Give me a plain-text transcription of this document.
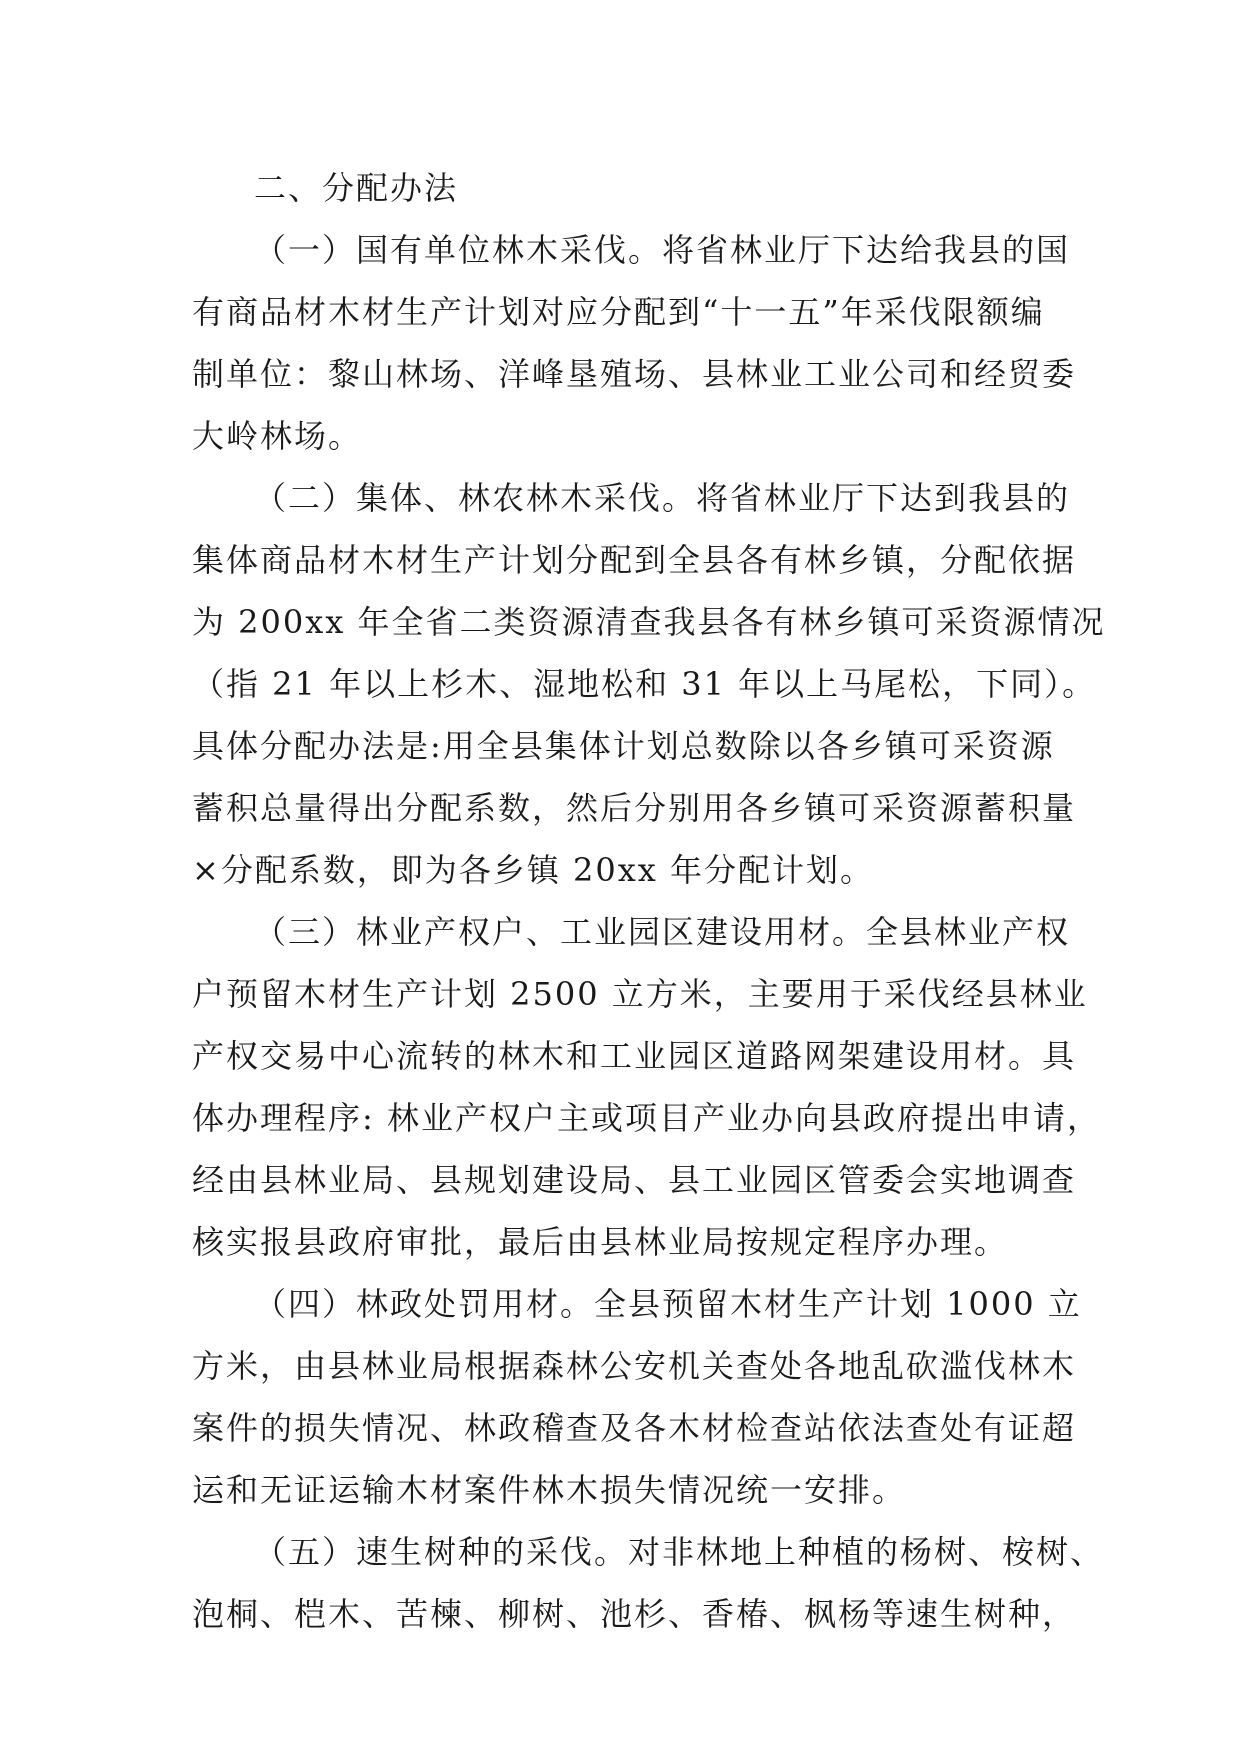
二、分配办法
（一）国有单位林木采伐。将省林业厅下达给我县的国
有商品材木材生产计划对应分配到“十一五”年采伐限额编
制单位：黎山林场、洋峰垦殖场、县林业工业公司和经贸委
大岭林场。
（二）集体、林农林木采伐。将省林业厅下达到我县的
集体商品材木材生产计划分配到全县各有林乡镇，分配依据
为 200xx 年全省二类资源清查我县各有林乡镇可采资源情况
（指 21 年以上杉木、湿地松和 31 年以上马尾松，下同）。
具体分配办法是:用全县集体计划总数除以各乡镇可采资源
蓄积总量得出分配系数，然后分别用各乡镇可采资源蓄积量
×分配系数，即为各乡镇 20xx 年分配计划。
（三）林业产权户、工业园区建设用材。全县林业产权
户预留木材生产计划 2500 立方米，主要用于采伐经县林业
产权交易中心流转的林木和工业园区道路网架建设用材。具
体办理程序: 林业产权户主或项目产业办向县政府提出申请，
经由县林业局、县规划建设局、县工业园区管委会实地调查
核实报县政府审批，最后由县林业局按规定程序办理。
（四）林政处罚用材。全县预留木材生产计划 1000 立
方米，由县林业局根据森林公安机关查处各地乱砍滥伐林木
案件的损失情况、林政稽查及各木材检查站依法查处有证超
运和无证运输木材案件林木损失情况统一安排。
（五）速生树种的采伐。对非林地上种植的杨树、桉树、
泡桐、桤木、苦楝、柳树、池杉、香椿、枫杨等速生树种，
